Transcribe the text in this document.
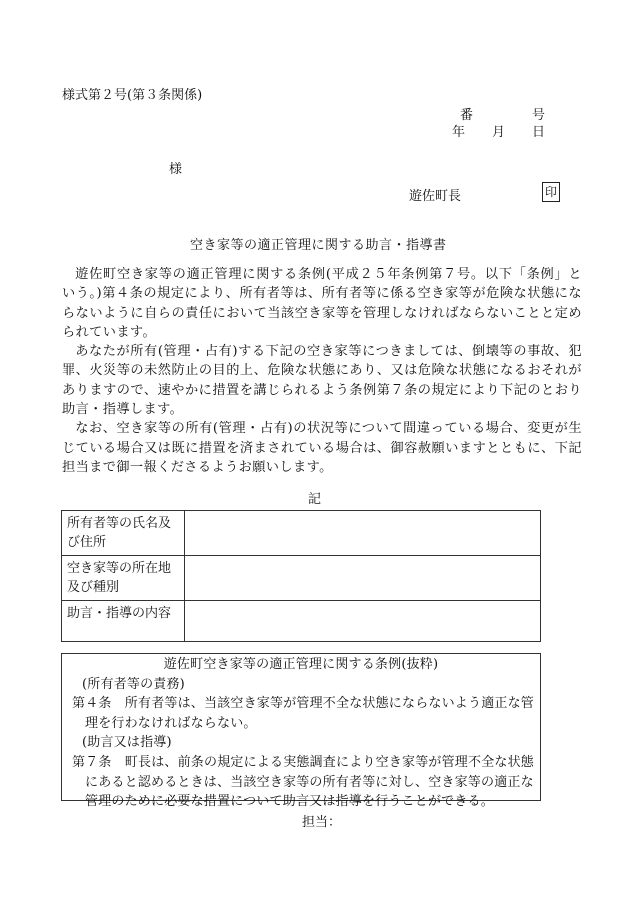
様式第２号(第３条関係)
番	号
年 月 日
様
遊佐町長	印
空き家等の適正管理に関する助言・指導書

遊佐町空き家等の適正管理に関する条例(平成２５年条例第７号。以下「条例」という。)第４条の規定により、所有者等は、所有者等に係る空き家等が危険な状態にならないように自らの責任において当該空き家等を管理しなければならないことと定められています。

あなたが所有(管理・占有)する下記の空き家等につきましては、倒壊等の事故、犯罪、火災等の未然防止の目的上、危険な状態にあり、又は危険な状態になるおそれがありますので、速やかに措置を講じられるよう条例第７条の規定により下記のとおり助言・指導します。

なお、空き家等の所有(管理・占有)の状況等について間違っている場合、変更が生じている場合又は既に措置を済まされている場合は、御容赦願いますとともに、下記担当まで御一報くださるようお願いします。

記
所有者等の氏名及び住所	
空き家等の所在地及び種別	
助言・指導の内容	
遊佐町空き家等の適正管理に関する条例(抜粋)
(所有者等の責務)
第４条　所有者等は、当該空き家等が管理不全な状態にならないよう適正な管理を行わなければならない。
(助言又は指導)
第７条　町長は、前条の規定による実態調査により空き家等が管理不全な状態にあると認めるときは、当該空き家等の所有者等に対し、空き家等の適正な管理のために必要な措置について助言又は指導を行うことができる。
担当：
